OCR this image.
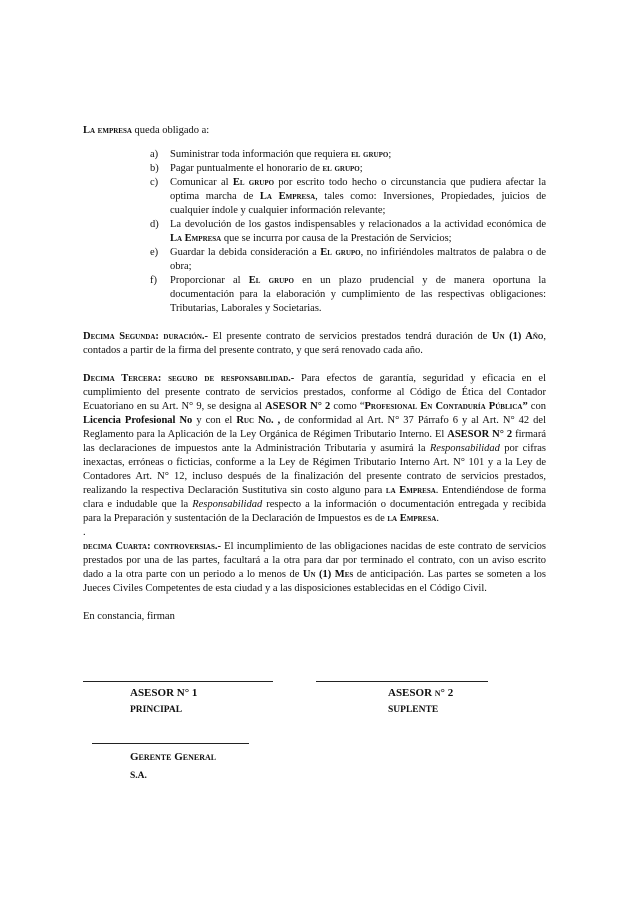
La empresa queda obligado a:

a) Suministrar toda información que requiera el grupo;
b) Pagar puntualmente el honorario de el grupo;
c) Comunicar al El grupo por escrito todo hecho o circunstancia que pudiera afectar la optima marcha de La Empresa, tales como: Inversiones, Propiedades, juicios de cualquier índole y cualquier información relevante;
d) La devolución de los gastos indispensables y relacionados a la actividad económica de La Empresa que se incurra por causa de la Prestación de Servicios;
e) Guardar la debida consideración a El grupo, no infiriéndoles maltratos de palabra o de obra;
f) Proporcionar al El grupo en un plazo prudencial y de manera oportuna la documentación para la elaboración y cumplimiento de las respectivas obligaciones: Tributarias, Laborales y Societarias.

Decima Segunda: duración.- El presente contrato de servicios prestados tendrá duración de Un (1) Año, contados a partir de la firma del presente contrato, y que será renovado cada año.

Decima Tercera: seguro de responsabilidad.- Para efectos de garantía, seguridad y eficacia en el cumplimiento del presente contrato de servicios prestados, conforme al Código de Ética del Contador Ecuatoriano en su Art. N° 9, se designa al ASESOR N° 2 como “Profesional En Contaduría Pública” con Licencia Profesional No y con el Ruc No. , de conformidad al Art. N° 37 Párrafo 6 y al Art. N° 42 del Reglamento para la Aplicación de la Ley Orgánica de Régimen Tributario Interno. El ASESOR N° 2 firmará las declaraciones de impuestos ante la Administración Tributaria y asumirá la Responsabilidad por cifras inexactas, erróneas o ficticias, conforme a la Ley de Régimen Tributario Interno Art. N° 101 y a la Ley de Contadores Art. N° 12, incluso después de la finalización del presente contrato de servicios prestados, realizando la respectiva Declaración Sustitutiva sin costo alguno para la Empresa. Entendiéndose de forma clara e indudable que la Responsabilidad respecto a la información o documentación entregada y recibida para la Preparación y sustentación de la Declaración de Impuestos es de la Empresa.

.

decima Cuarta: controversias.- El incumplimiento de las obligaciones nacidas de este contrato de servicios prestados por una de las partes, facultará a la otra para dar por terminado el contrato, con un aviso escrito dado a la otra parte con un periodo a lo menos de Un (1) Mes de anticipación. Las partes se someten a los Jueces Civiles Competentes de esta ciudad y a las disposiciones establecidas en el Código Civil.

En constancia, firman

ASESOR N° 1
PRINCIPAL
ASESOR n° 2
SUPLENTE
Gerente General
S.A.
